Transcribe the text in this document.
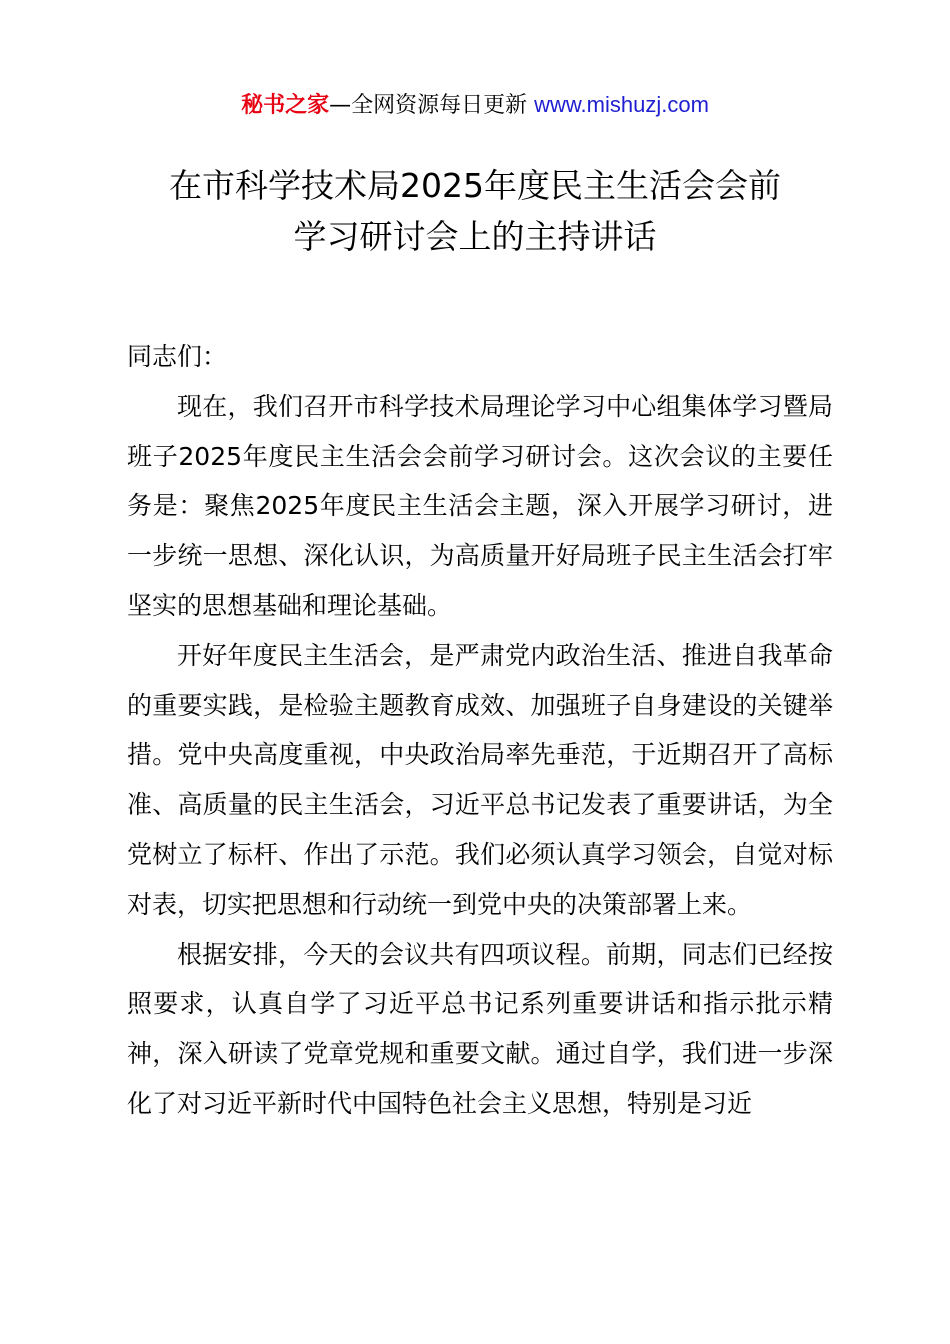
秘书之家—全网资源每日更新 www.mishuzj.com
在市科学技术局2025年度民主生活会会前
学习研讨会上的主持讲话

同志们：

现在，我们召开市科学技术局理论学习中心组集体学习暨局班子2025年度民主生活会会前学习研讨会。这次会议的主要任务是：聚焦2025年度民主生活会主题，深入开展学习研讨，进一步统一思想、深化认识，为高质量开好局班子民主生活会打牢坚实的思想基础和理论基础。

开好年度民主生活会，是严肃党内政治生活、推进自我革命的重要实践，是检验主题教育成效、加强班子自身建设的关键举措。党中央高度重视，中央政治局率先垂范，于近期召开了高标准、高质量的民主生活会，习近平总书记发表了重要讲话，为全党树立了标杆、作出了示范。我们必须认真学习领会，自觉对标对表，切实把思想和行动统一到党中央的决策部署上来。

根据安排，今天的会议共有四项议程。前期，同志们已经按照要求，认真自学了习近平总书记系列重要讲话和指示批示精神，深入研读了党章党规和重要文献。通过自学，我们进一步深化了对习近平新时代中国特色社会主义思想，特别是习近
